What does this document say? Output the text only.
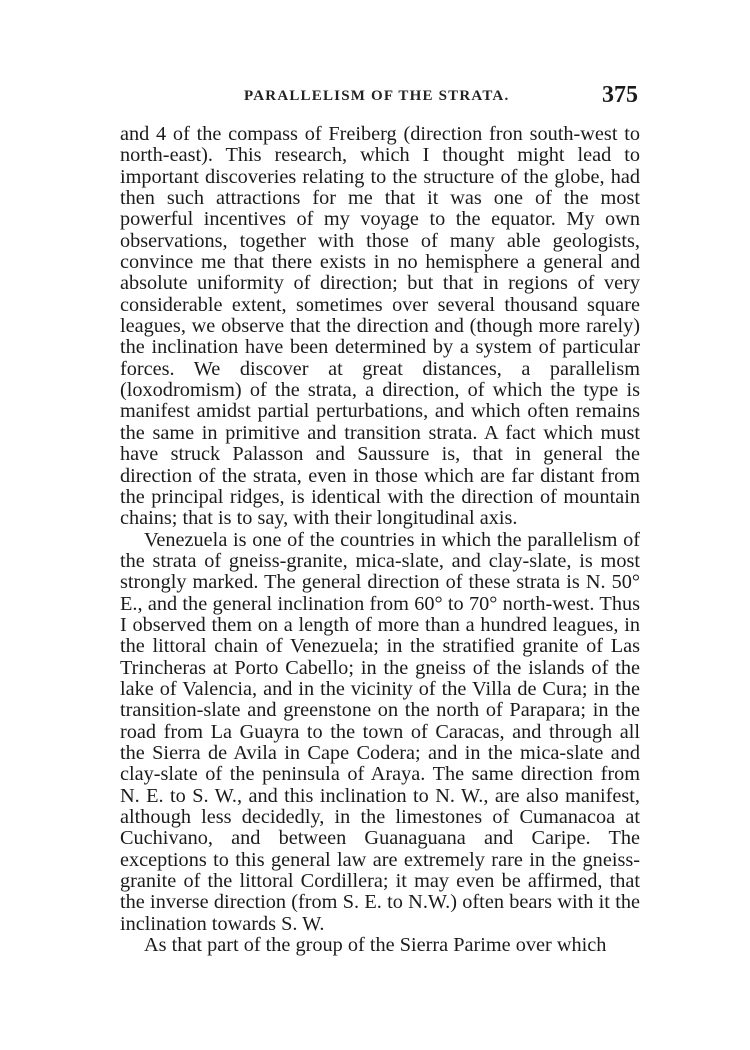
PARALLELISM OF THE STRATA.	375

and 4 of the compass of Freiberg (direction fron south-west to north-east). This research, which I thought might lead to important discoveries relating to the structure of the globe, had then such attractions for me that it was one of the most powerful incentives of my voyage to the equator. My own observations, together with those of many able geologists, convince me that there exists in no hemisphere a general and absolute uniformity of direction; but that in regions of very considerable extent, sometimes over several thousand square leagues, we observe that the direction and (though more rarely) the inclination have been determined by a system of particular forces. We discover at great distances, a parallelism (loxodromism) of the strata, a direction, of which the type is manifest amidst partial perturbations, and which often remains the same in primitive and transition strata. A fact which must have struck Palasson and Saussure is, that in general the direction of the strata, even in those which are far distant from the principal ridges, is identical with the direction of mountain chains; that is to say, with their longitudinal axis.

Venezuela is one of the countries in which the parallelism of the strata of gneiss-granite, mica-slate, and clay-slate, is most strongly marked. The general direction of these strata is N. 50° E., and the general inclination from 60° to 70° north-west. Thus I observed them on a length of more than a hundred leagues, in the littoral chain of Venezuela; in the stratified granite of Las Trincheras at Porto Cabello; in the gneiss of the islands of the lake of Valencia, and in the vicinity of the Villa de Cura; in the transition-slate and greenstone on the north of Parapara; in the road from La Guayra to the town of Caracas, and through all the Sierra de Avila in Cape Codera; and in the mica-slate and clay-slate of the peninsula of Araya. The same direction from N. E. to S. W., and this inclination to N. W., are also manifest, although less decidedly, in the limestones of Cumanacoa at Cuchivano, and between Guanaguana and Caripe. The exceptions to this general law are extremely rare in the gneiss-granite of the littoral Cordillera; it may even be affirmed, that the inverse direction (from S. E. to N.W.) often bears with it the inclination towards S. W.

As that part of the group of the Sierra Parime over which
